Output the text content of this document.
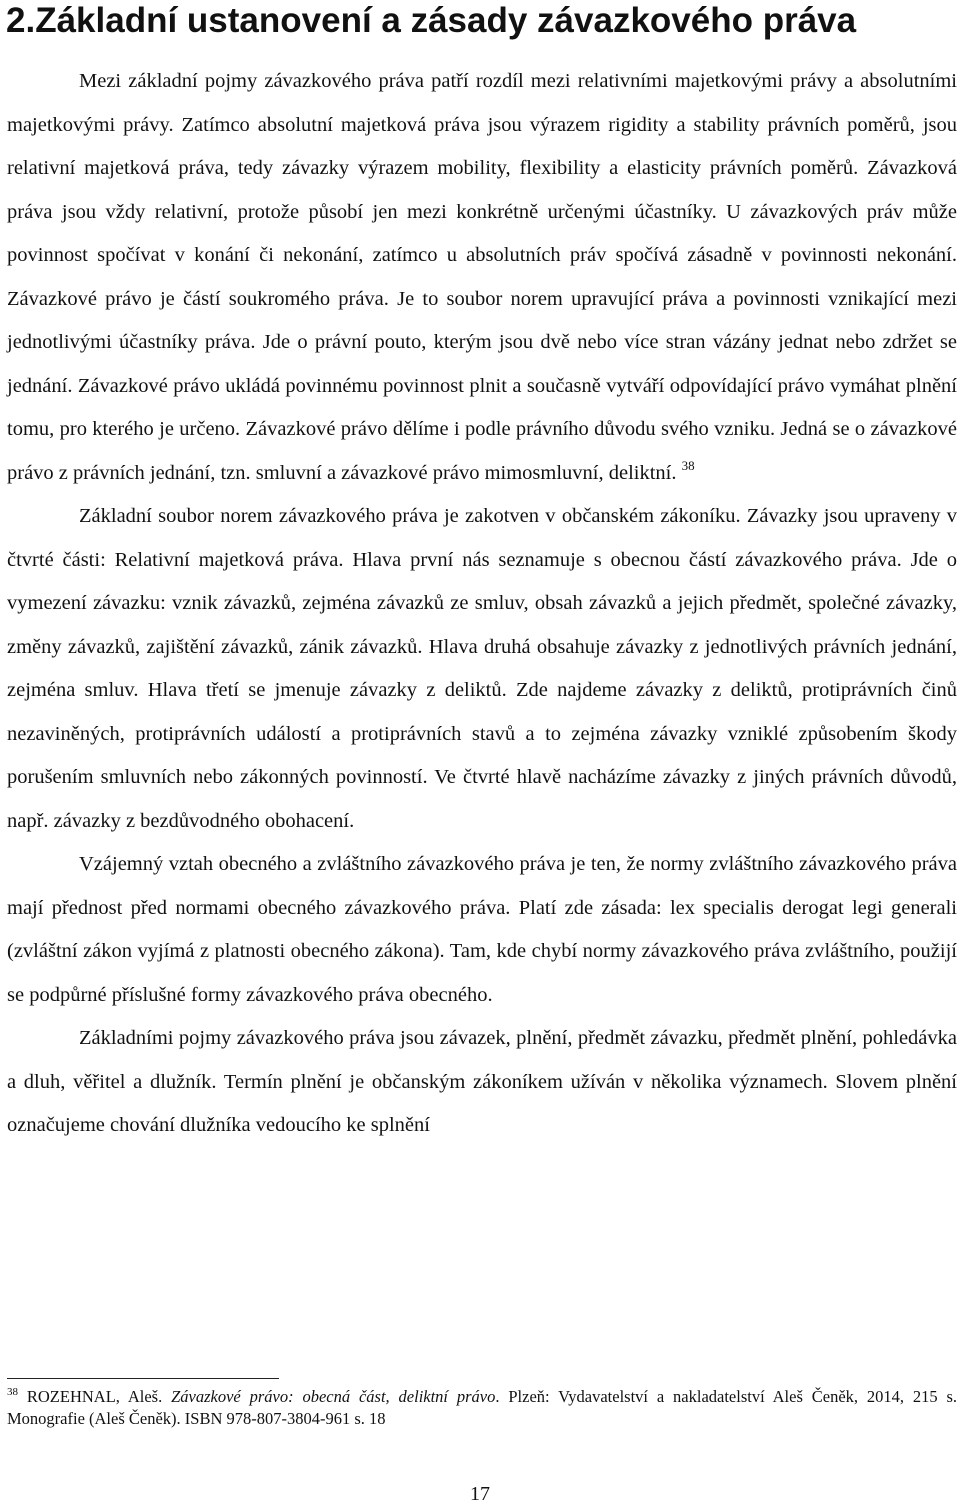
2.Základní ustanovení a zásady závazkového práva

Mezi základní pojmy závazkového práva patří rozdíl mezi relativními majetkovými právy a absolutními majetkovými právy. Zatímco absolutní majetková práva jsou výrazem rigidity a stability právních poměrů, jsou relativní majetková práva, tedy závazky výrazem mobility, flexibility a elasticity právních poměrů. Závazková práva jsou vždy relativní, protože působí jen mezi konkrétně určenými účastníky. U závazkových práv může povinnost spočívat v konání či nekonání, zatímco u absolutních práv spočívá zásadně v povinnosti nekonání. Závazkové právo je částí soukromého práva. Je to soubor norem upravující práva a povinnosti vznikající mezi jednotlivými účastníky práva. Jde o právní pouto, kterým jsou dvě nebo více stran vázány jednat nebo zdržet se jednání. Závazkové právo ukládá povinnému povinnost plnit a současně vytváří odpovídající právo vymáhat plnění tomu, pro kterého je určeno. Závazkové právo dělíme i podle právního důvodu svého vzniku. Jedná se o závazkové právo z právních jednání, tzn. smluvní a závazkové právo mimosmluvní, deliktní. $^{38}$

Základní soubor norem závazkového práva je zakotven v občanském zákoníku. Závazky jsou upraveny v čtvrté části: Relativní majetková práva. Hlava první nás seznamuje s obecnou částí závazkového práva. Jde o vymezení závazku: vznik závazků, zejména závazků ze smluv, obsah závazků a jejich předmět, společné závazky, změny závazků, zajištění závazků, zánik závazků. Hlava druhá obsahuje závazky z jednotlivých právních jednání, zejména smluv. Hlava třetí se jmenuje závazky z deliktů. Zde najdeme závazky z deliktů, protiprávních činů nezaviněných, protiprávních událostí a protiprávních stavů a to zejména závazky vzniklé způsobením škody porušením smluvních nebo zákonných povinností. Ve čtvrté hlavě nacházíme závazky z jiných právních důvodů, např. závazky z bezdůvodného obohacení.

Vzájemný vztah obecného a zvláštního závazkového práva je ten, že normy zvláštního závazkového práva mají přednost před normami obecného závazkového práva. Platí zde zásada: lex specialis derogat legi generali (zvláštní zákon vyjímá z platnosti obecného zákona). Tam, kde chybí normy závazkového práva zvláštního, použijí se podpůrné příslušné formy závazkového práva obecného.

Základními pojmy závazkového práva jsou závazek, plnění, předmět závazku, předmět plnění, pohledávka a dluh, věřitel a dlužník. Termín plnění je občanským zákoníkem užíván v několika významech. Slovem plnění označujeme chování dlužníka vedoucího ke splnění

$^{38}$ ROZEHNAL, Aleš. Závazkové právo: obecná část, deliktní právo. Plzeň: Vydavatelství a nakladatelství Aleš Čeněk, 2014, 215 s. Monografie (Aleš Čeněk). ISBN 978-807-3804-961 s. 18
17
